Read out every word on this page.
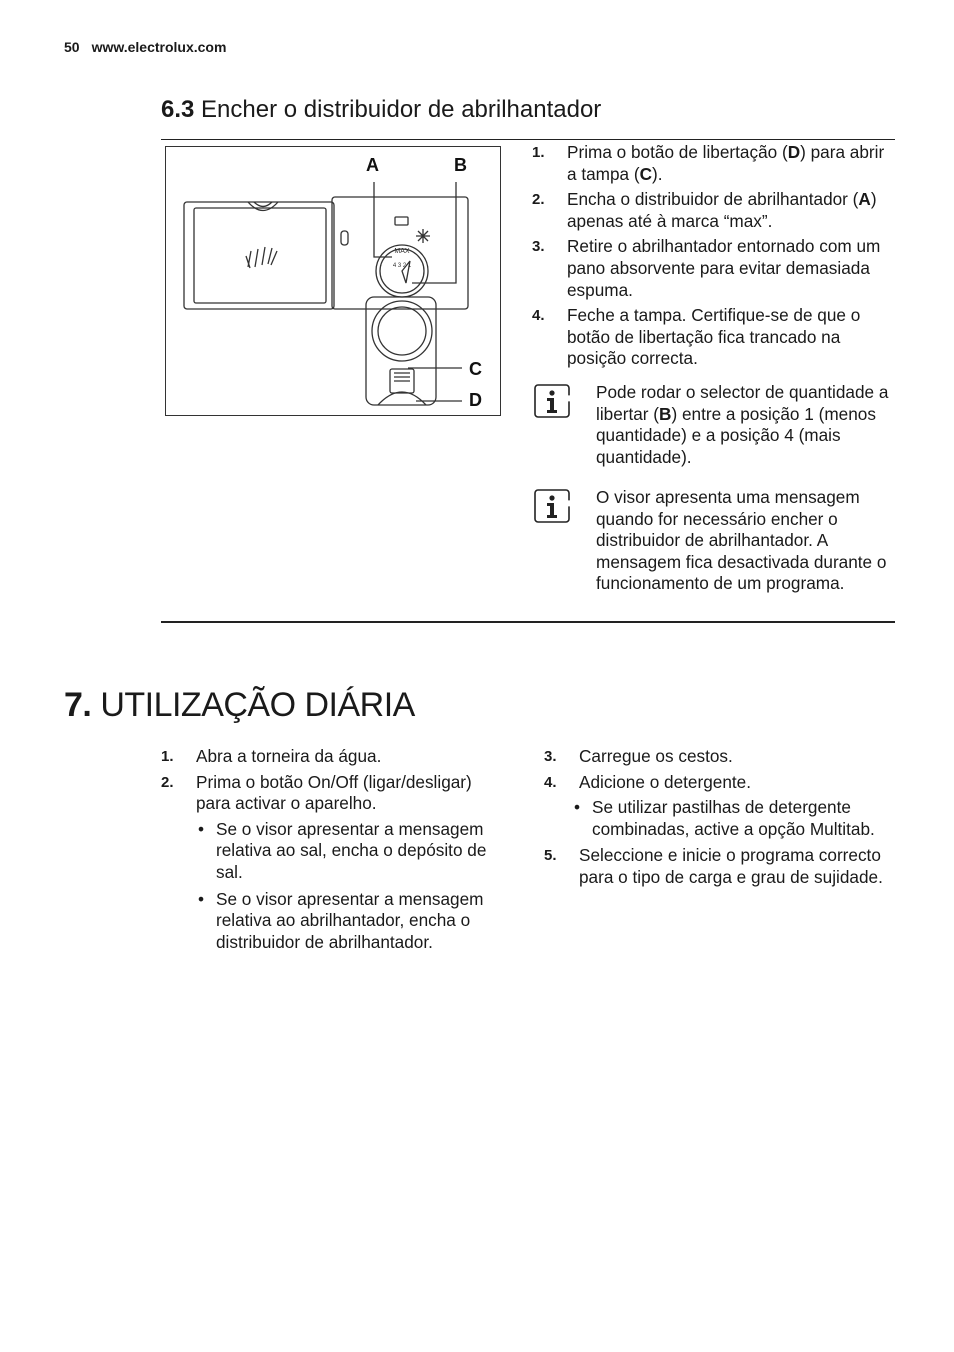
50 www.electrolux.com
6.3 Encher o distribuidor de abrilhantador
MAX
4 3 2 1
A	B
C
D
1. Prima o botão de libertação (D) para abrir a tampa (C).
2. Encha o distribuidor de abrilhantador (A) apenas até à marca “max”.
3. Retire o abrilhantador entornado com um pano absorvente para evitar demasiada espuma.
4. Feche a tampa. Certifique-se de que o botão de libertação fica trancado na posição correcta.
Pode rodar o selector de quantidade a libertar (B) entre a posição 1 (menos quantidade) e a posição 4 (mais quantidade).
O visor apresenta uma mensagem quando for necessário encher o distribuidor de abrilhantador. A mensagem fica desactivada durante o funcionamento de um programa.
7. UTILIZAÇÃO DIÁRIA
1. Abra a torneira da água.
2. Prima o botão On/Off (ligar/desligar) para activar o aparelho.
• Se o visor apresentar a mensagem relativa ao sal, encha o depósito de sal.
• Se o visor apresentar a mensagem relativa ao abrilhantador, encha o distribuidor de abrilhantador.
3. Carregue os cestos.
4. Adicione o detergente.
• Se utilizar pastilhas de detergente combinadas, active a opção Multitab.
5. Seleccione e inicie o programa correcto para o tipo de carga e grau de sujidade.
